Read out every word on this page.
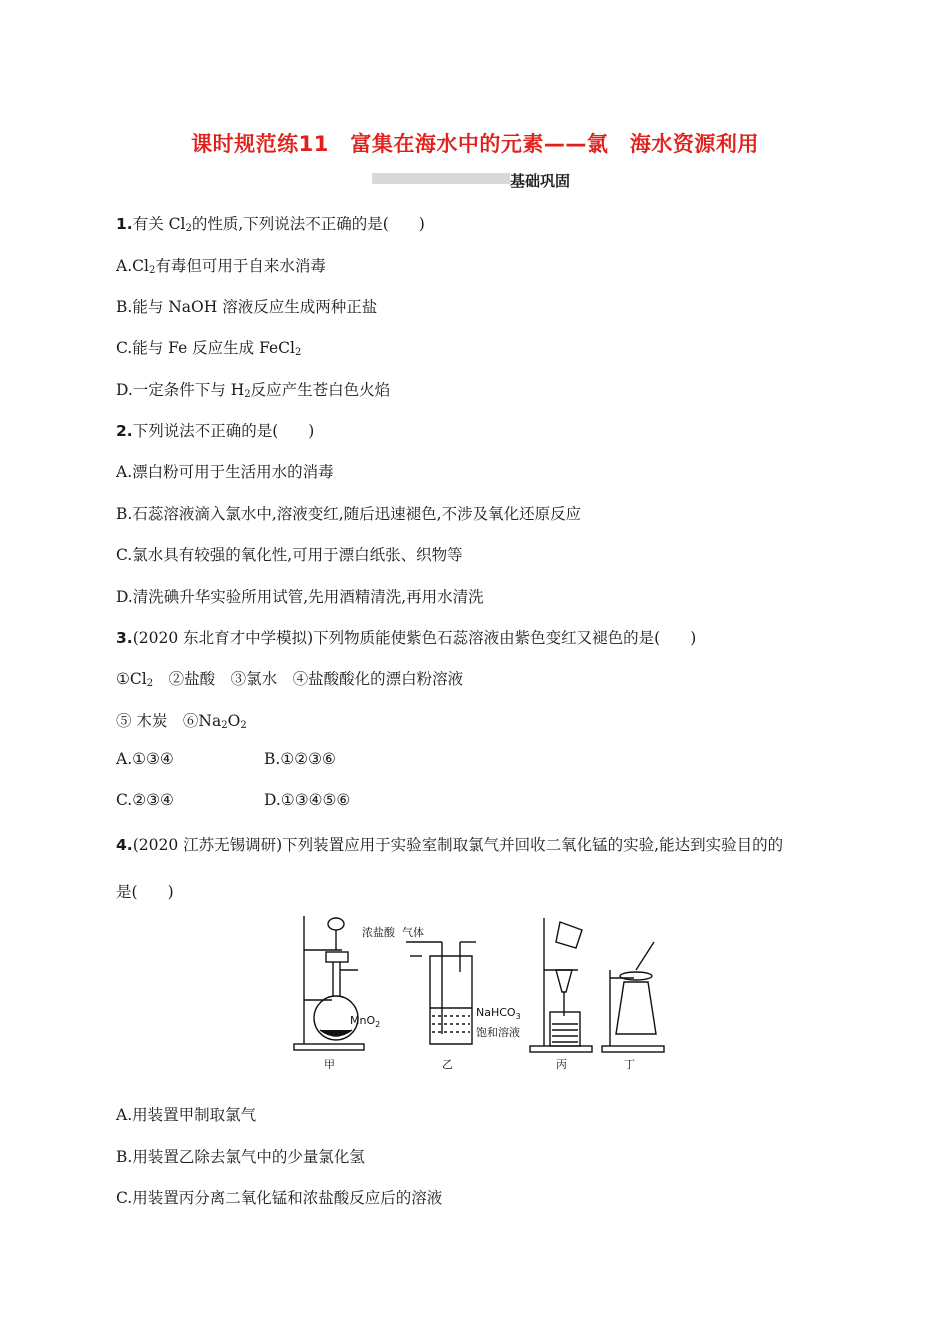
课时规范练11　富集在海水中的元素——氯　海水资源利用
基础巩固
1.有关 $Cl_2$的性质,下列说法不正确的是( )
$A.Cl_2$有毒但可用于自来水消毒
B.能与 NaOH 溶液反应生成两种正盐
C.能与 Fe 反应生成 FeCl$_2$
D.一定条件下与 $H_2$反应产生苍白色火焰
2.下列说法不正确的是( )
A.漂白粉可用于生活用水的消毒
B.石蕊溶液滴入氯水中,溶液变红,随后迅速褪色,不涉及氧化还原反应
C.氯水具有较强的氧化性,可用于漂白纸张、织物等
D.清洗碘升华实验所用试管,先用酒精清洗,再用水清洗
3.(2020 东北育才中学模拟)下列物质能使紫色石蕊溶液由紫色变红又褪色的是( )
$①Cl_2$　②盐酸　③氯水　④盐酸酸化的漂白粉溶液
⑤ 木炭　$⑥Na_2O_2$
A.①③④	B.①②③⑥
C.②③④	D.①③④⑤⑥
4.(2020 江苏无锡调研)下列装置应用于实验室制取氯气并回收二氧化锰的实验,能达到实验目的的
是( )
浓盐酸
MnO$_2$
气体
NaHCO$_3$
饱和溶液
甲	乙	丙	丁
A.用装置甲制取氯气
B.用装置乙除去氯气中的少量氯化氢
C.用装置丙分离二氧化锰和浓盐酸反应后的溶液
